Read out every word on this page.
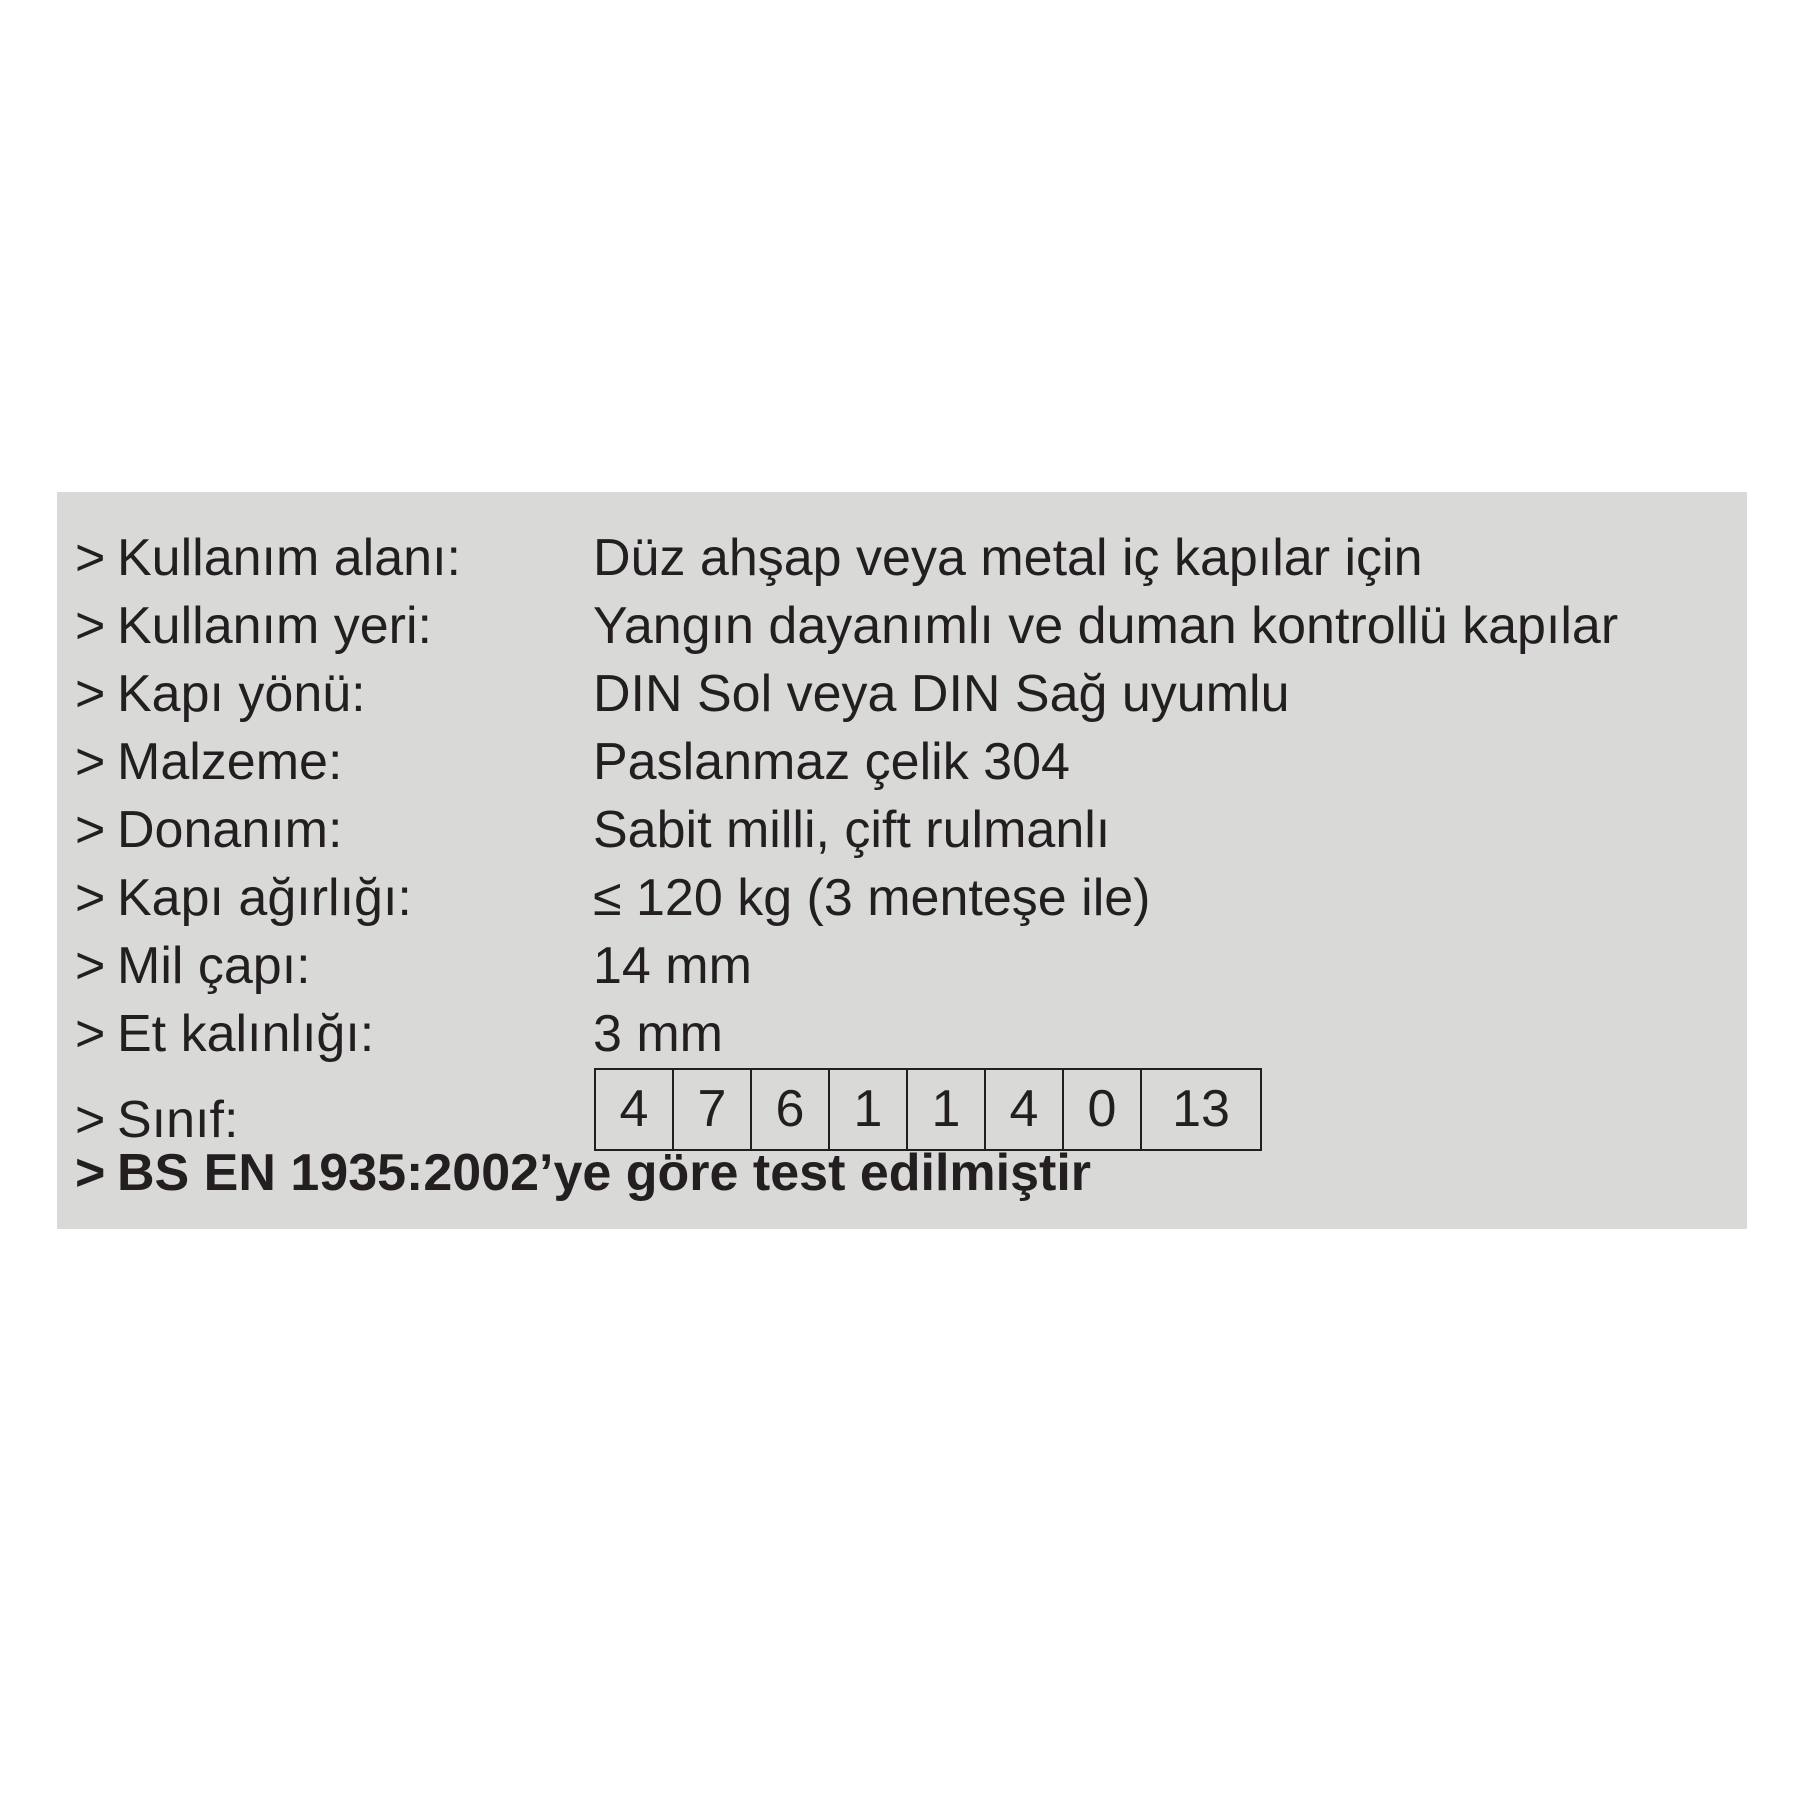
> Kullanım alanı:	Düz ahşap veya metal iç kapılar için
> Kullanım yeri:	Yangın dayanımlı ve duman kontrollü kapılar
> Kapı yönü:	DIN Sol veya DIN Sağ uyumlu
> Malzeme:	Paslanmaz çelik 304
> Donanım:	Sabit milli, çift rulmanlı
> Kapı ağırlığı:	≤ 120 kg (3 menteşe ile)
> Mil çapı:	14 mm
> Et kalınlığı:	3 mm
> Sınıf:	4 7 6 1 1 4 0	13
> BS EN 1935:2002’ye göre test edilmiştir
